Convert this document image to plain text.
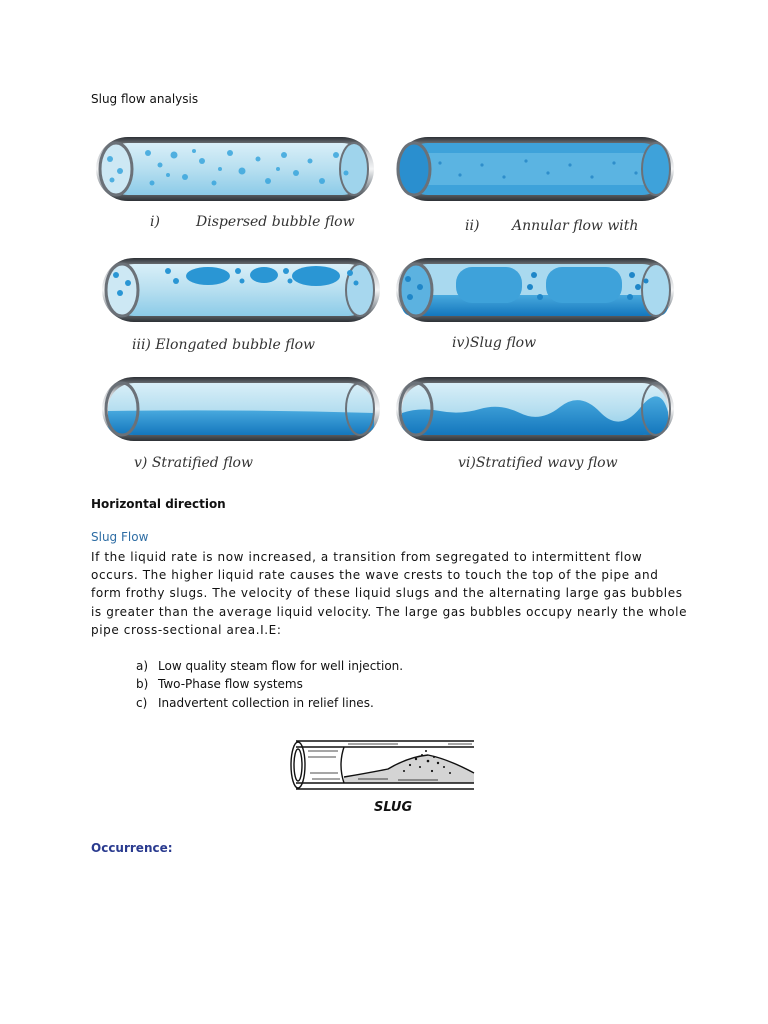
Slug flow analysis
i)	Dispersed bubble flow	ii) Annular flow with
iii) Elongated bubble flow	iv)Slug flow
v) Stratified flow	vi)Stratified wavy flow
Horizontal direction
Slug Flow
If the liquid rate is now increased, a transition from segregated to intermittent flow occurs. The higher liquid rate causes the wave crests to touch the top of the pipe and form frothy slugs. The velocity of these liquid slugs and the alternating large gas bubbles is greater than the average liquid velocity. The large gas bubbles occupy nearly the whole pipe cross-sectional area.I.E:
a) Low quality steam flow for well injection.
b) Two-Phase flow systems
c) Inadvertent collection in relief lines.
SLUG
Occurrence:
